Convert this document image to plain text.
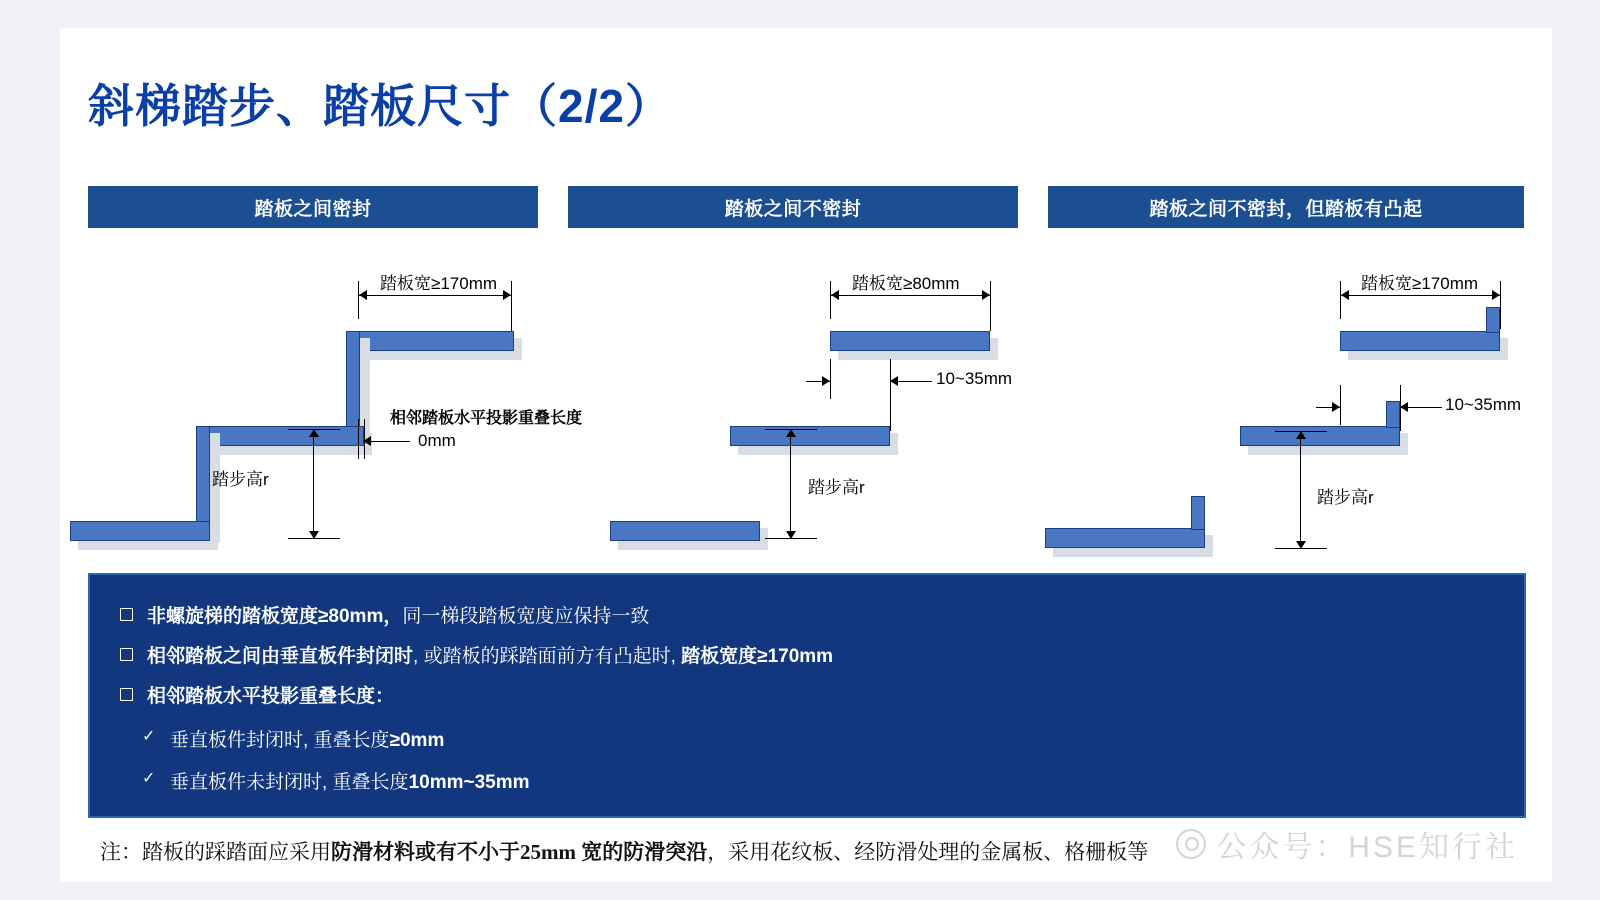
斜梯踏步、踏板尺寸（2/2）
踏板之间密封	踏板之间不密封	踏板之间不密封，但踏板有凸起
踏板宽≥170mm
踏步高r
相邻踏板水平投影重叠长度
0mm
踏板宽≥80mm
10~35mm
踏步高r
踏板宽≥170mm
10~35mm
踏步高r
非螺旋梯的踏板宽度≥80mm，同一梯段踏板宽度应保持一致
相邻踏板之间由垂直板件封闭时, 或踏板的踩踏面前方有凸起时, 踏板宽度≥170mm
相邻踏板水平投影重叠长度：
✓ 垂直板件封闭时, 重叠长度≥0mm
✓ 垂直板件未封闭时, 重叠长度10mm~35mm
注：踏板的踩踏面应采用防滑材料或有不小于25mm 宽的防滑突沿，采用花纹板、经防滑处理的金属板、格栅板等 公众号：HSE知行社
